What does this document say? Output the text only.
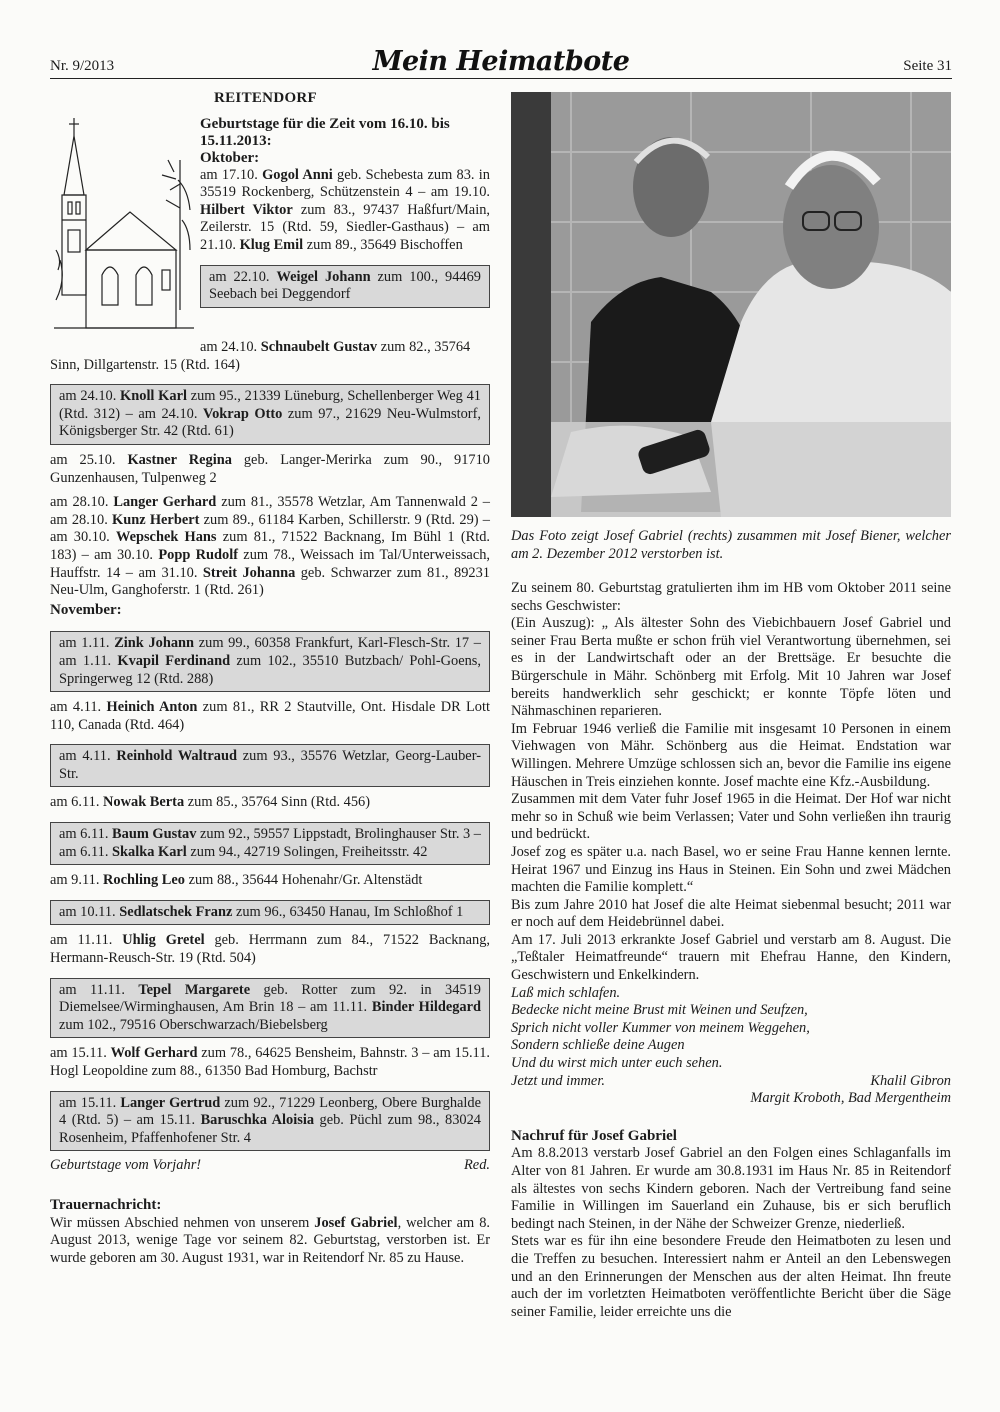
Nr. 9/2013	Mein Heimatbote	Seite 31
REITENDORF
Geburtstage für die Zeit vom 16.10. bis 15.11.2013:
Oktober:
am 17.10. Gogol Anni geb. Schebesta zum 83. in 35519 Rockenberg, Schützenstein 4 – am 19.10. Hilbert Viktor zum 83., 97437 Haßfurt/Main, Zeilerstr. 15 (Rtd. 59, Siedler-Gasthaus) – am 21.10. Klug Emil zum 89., 35649 Bischoffen
am 22.10. Weigel Johann zum 100., 94469 Seebach bei Deggendorf
am 24.10. Schnaubelt Gustav zum 82., 35764
Sinn, Dillgartenstr. 15 (Rtd. 164)
am 24.10. Knoll Karl zum 95., 21339 Lüneburg, Schellenberger Weg 41 (Rtd. 312) – am 24.10. Vokrap Otto zum 97., 21629 Neu-Wulmstorf, Königsberger Str. 42 (Rtd. 61)
am 25.10. Kastner Regina geb. Langer-Merirka zum 90., 91710 Gunzenhausen, Tulpenweg 2
am 28.10. Langer Gerhard zum 81., 35578 Wetzlar, Am Tannenwald 2 – am 28.10. Kunz Herbert zum 89., 61184 Karben, Schillerstr. 9 (Rtd. 29) – am 30.10. Wepschek Hans zum 81., 71522 Backnang, Im Bühl 1 (Rtd. 183) – am 30.10. Popp Rudolf zum 78., Weissach im Tal/Unterweissach, Hauffstr. 14 – am 31.10. Streit Johanna geb. Schwarzer zum 81., 89231 Neu-Ulm, Ganghoferstr. 1 (Rtd. 261)
November:
am 1.11. Zink Johann zum 99., 60358 Frankfurt, Karl-Flesch-Str. 17 – am 1.11. Kvapil Ferdinand zum 102., 35510 Butzbach/ Pohl-Goens, Springerweg 12 (Rtd. 288)
am 4.11. Heinich Anton zum 81., RR 2 Stautville, Ont. Hisdale DR Lott 110, Canada (Rtd. 464)
am 4.11. Reinhold Waltraud zum 93., 35576 Wetzlar, Georg-Lauber-Str.
am 6.11. Nowak Berta zum 85., 35764 Sinn (Rtd. 456)
am 6.11. Baum Gustav zum 92., 59557 Lippstadt, Brolinghauser Str. 3 – am 6.11. Skalka Karl zum 94., 42719 Solingen, Freiheitsstr. 42
am 9.11. Rochling Leo zum 88., 35644 Hohenahr/Gr. Altenstädt
am 10.11. Sedlatschek Franz zum 96., 63450 Hanau, Im Schloßhof 1
am 11.11. Uhlig Gretel geb. Herrmann zum 84., 71522 Backnang, Hermann-Reusch-Str. 19 (Rtd. 504)
am 11.11. Tepel Margarete geb. Rotter zum 92. in 34519 Diemelsee/Wirminghausen, Am Brin 18 – am 11.11. Binder Hildegard zum 102., 79516 Oberschwarzach/Biebelsberg
am 15.11. Wolf Gerhard zum 78., 64625 Bensheim, Bahnstr. 3 – am 15.11. Hogl Leopoldine zum 88., 61350 Bad Homburg, Bachstr
am 15.11. Langer Gertrud zum 92., 71229 Leonberg, Obere Burghalde 4 (Rtd. 5) – am 15.11. Baruschka Aloisia geb. Püchl zum 98., 83024 Rosenheim, Pfaffenhofener Str. 4
Geburtstage vom Vorjahr!	Red.
Trauernachricht:
Wir müssen Abschied nehmen von unserem Josef Gabriel, welcher am 8. August 2013, wenige Tage vor seinem 82. Geburtstag, verstorben ist. Er wurde geboren am 30. August 1931, war in Reitendorf Nr. 85 zu Hause.
Das Foto zeigt Josef Gabriel (rechts) zusammen mit Josef Biener, welcher am 2. Dezember 2012 verstorben ist.
Zu seinem 80. Geburtstag gratulierten ihm im HB vom Oktober 2011 seine sechs Geschwister:
(Ein Auszug): „ Als ältester Sohn des Viebichbauern Josef Gabriel und seiner Frau Berta mußte er schon früh viel Verantwortung übernehmen, sei es in der Landwirtschaft oder an der Brettsäge. Er besuchte die Bürgerschule in Mähr. Schönberg mit Erfolg. Mit 10 Jahren war Josef bereits handwerklich sehr geschickt; er konnte Töpfe löten und Nähmaschinen reparieren.
Im Februar 1946 verließ die Familie mit insgesamt 10 Personen in einem Viehwagen von Mähr. Schönberg aus die Heimat. Endstation war Willingen. Mehrere Umzüge schlossen sich an, bevor die Familie ins eigene Häuschen in Treis einziehen konnte. Josef machte eine Kfz.-Ausbildung.
Zusammen mit dem Vater fuhr Josef 1965 in die Heimat. Der Hof war nicht mehr so in Schuß wie beim Verlassen; Vater und Sohn verließen ihn traurig und bedrückt.
Josef zog es später u.a. nach Basel, wo er seine Frau Hanne kennen lernte. Heirat 1967 und Einzug ins Haus in Steinen. Ein Sohn und zwei Mädchen machten die Familie komplett.“
Bis zum Jahre 2010 hat Josef die alte Heimat siebenmal besucht; 2011 war er noch auf dem Heidebrünnel dabei.
Am 17. Juli 2013 erkrankte Josef Gabriel und verstarb am 8. August. Die „Teßtaler Heimatfreunde“ trauern mit Ehefrau Hanne, den Kindern, Geschwistern und Enkelkindern.
Laß mich schlafen.
Bedecke nicht meine Brust mit Weinen und Seufzen,
Sprich nicht voller Kummer von meinem Weggehen,
Sondern schließe deine Augen
Und du wirst mich unter euch sehen.
Jetzt und immer.	Khalil Gibron
Margit Kroboth, Bad Mergentheim
Nachruf für Josef Gabriel
Am 8.8.2013 verstarb Josef Gabriel an den Folgen eines Schlaganfalls im Alter von 81 Jahren. Er wurde am 30.8.1931 im Haus Nr. 85 in Reitendorf als ältestes von sechs Kindern geboren. Nach der Vertreibung fand seine Familie in Willingen im Sauerland ein Zuhause, bis er sich beruflich bedingt nach Steinen, in der Nähe der Schweizer Grenze, niederließ.
Stets war es für ihn eine besondere Freude den Heimatboten zu lesen und die Treffen zu besuchen. Interessiert nahm er Anteil an den Lebenswegen und an den Erinnerungen der Menschen aus der alten Heimat. Ihn freute auch der im vorletzten Heimatboten veröffentlichte Bericht über die Säge seiner Familie, leider erreichte uns die
